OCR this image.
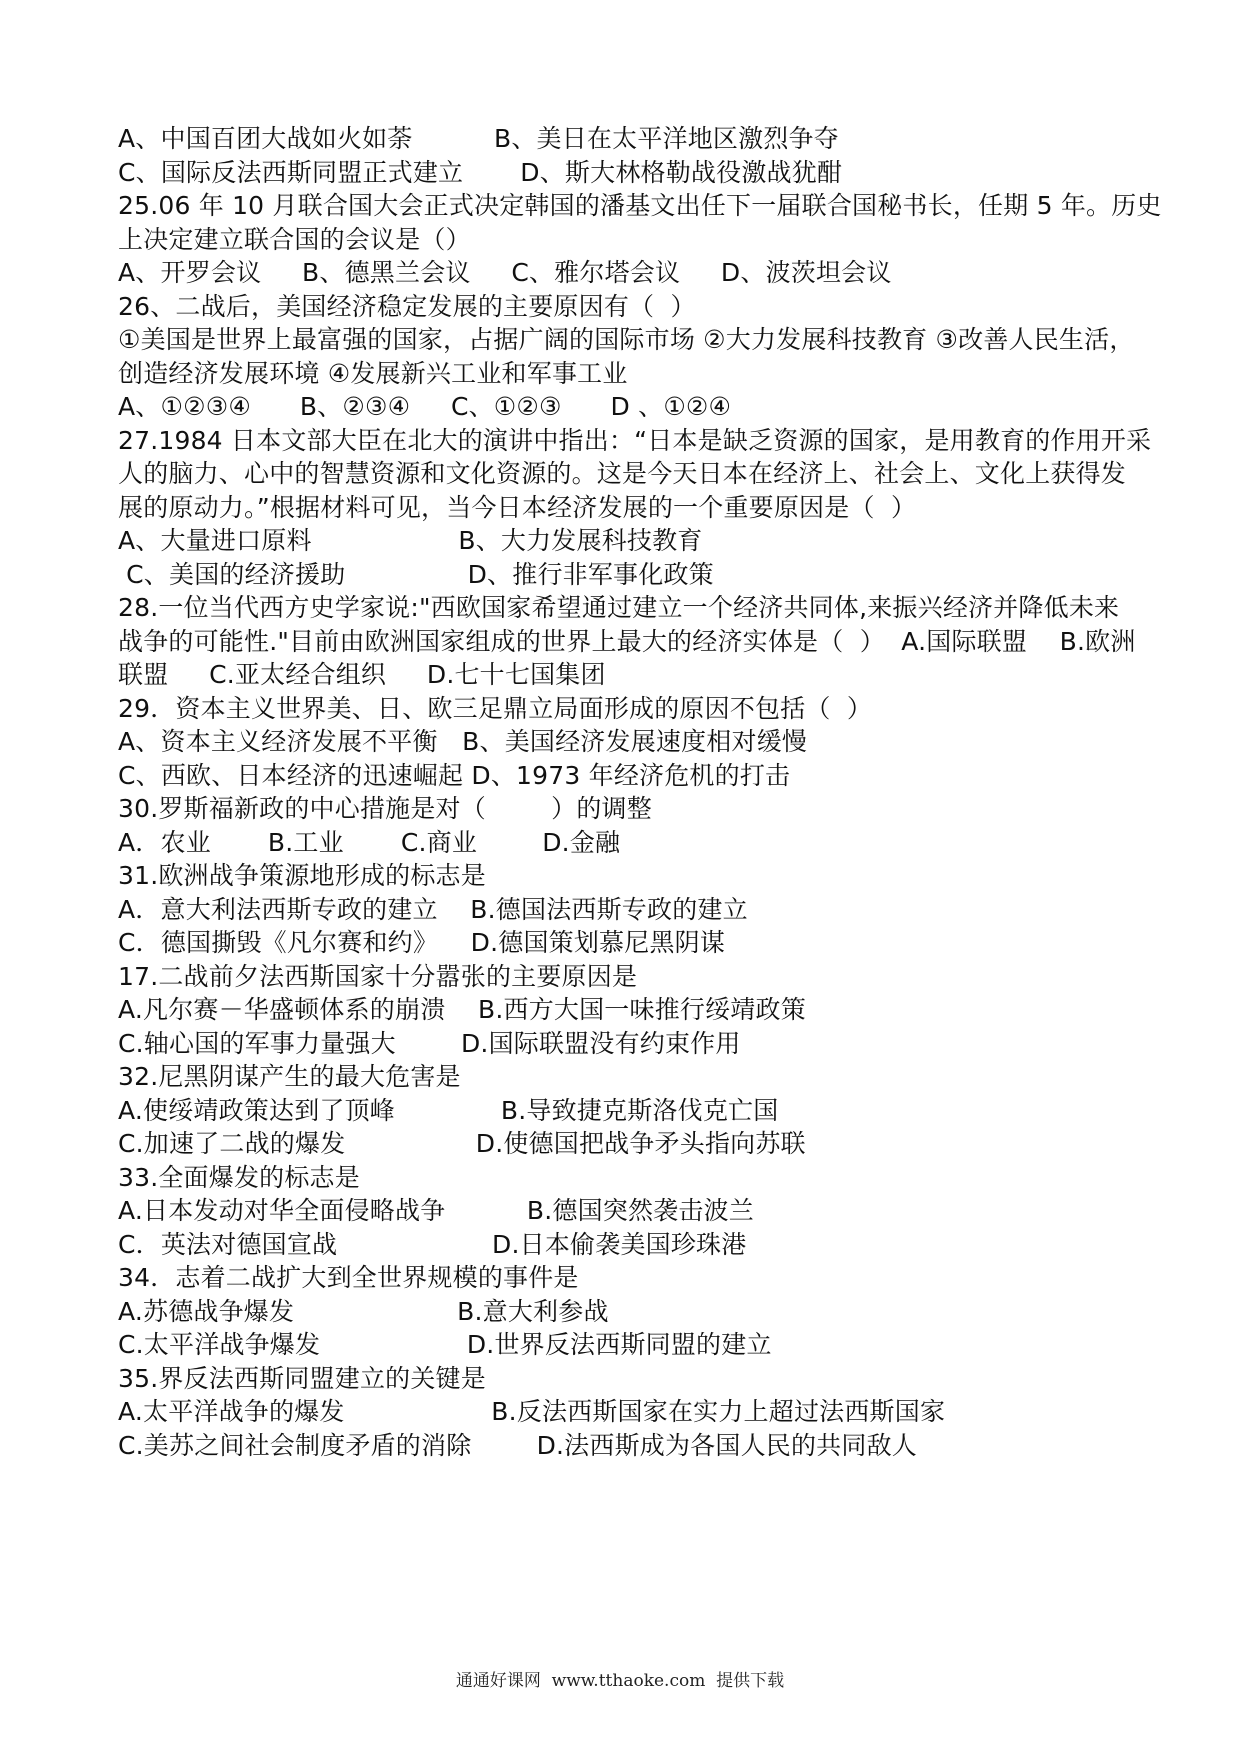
A、中国百团大战如火如荼          B、美日在太平洋地区激烈争夺
C、国际反法西斯同盟正式建立       D、斯大林格勒战役激战犹酣
25.06 年 10 月联合国大会正式决定韩国的潘基文出任下一届联合国秘书长，任期 5 年。历史
上决定建立联合国的会议是（）
A、开罗会议     B、德黑兰会议     C、雅尔塔会议     D、波茨坦会议
26、二战后，美国经济稳定发展的主要原因有（  ）
①美国是世界上最富强的国家，占据广阔的国际市场 ②大力发展科技教育 ③改善人民生活，
创造经济发展环境 ④发展新兴工业和军事工业
A、①②③④      B、②③④     C、①②③      D 、①②④
27.1984 日本文部大臣在北大的演讲中指出：“日本是缺乏资源的国家，是用教育的作用开采
人的脑力、心中的智慧资源和文化资源的。这是今天日本在经济上、社会上、文化上获得发
展的原动力。”根据材料可见，当今日本经济发展的一个重要原因是（  ）
A、大量进口原料                  B、大力发展科技教育
C、美国的经济援助               D、推行非军事化政策
28.一位当代西方史学家说:"西欧国家希望通过建立一个经济共同体,来振兴经济并降低未来
战争的可能性."目前由欧洲国家组成的世界上最大的经济实体是（  ）  A.国际联盟    B.欧洲
联盟     C.亚太经合组织     D.七十七国集团
29．资本主义世界美、日、欧三足鼎立局面形成的原因不包括（  ）
A、资本主义经济发展不平衡   B、美国经济发展速度相对缓慢
C、西欧、日本经济的迅速崛起 D、1973 年经济危机的打击
30.罗斯福新政的中心措施是对（        ）的调整
A．农业       B.工业       C.商业        D.金融
31.欧洲战争策源地形成的标志是
A．意大利法西斯专政的建立    B.德国法西斯专政的建立
C．德国撕毁《凡尔赛和约》    D.德国策划慕尼黑阴谋
17.二战前夕法西斯国家十分嚣张的主要原因是
A.凡尔赛－华盛顿体系的崩溃    B.西方大国一味推行绥靖政策
C.轴心国的军事力量强大        D.国际联盟没有约束作用
32.尼黑阴谋产生的最大危害是
A.使绥靖政策达到了顶峰             B.导致捷克斯洛伐克亡国
C.加速了二战的爆发                D.使德国把战争矛头指向苏联
33.全面爆发的标志是
A.日本发动对华全面侵略战争          B.德国突然袭击波兰
C．英法对德国宣战                   D.日本偷袭美国珍珠港
34．志着二战扩大到全世界规模的事件是
A.苏德战争爆发                    B.意大利参战
C.太平洋战争爆发                  D.世界反法西斯同盟的建立
35.界反法西斯同盟建立的关键是
A.太平洋战争的爆发                  B.反法西斯国家在实力上超过法西斯国家
C.美苏之间社会制度矛盾的消除        D.法西斯成为各国人民的共同敌人
通通好课网  www.tthaoke.com  提供下载
